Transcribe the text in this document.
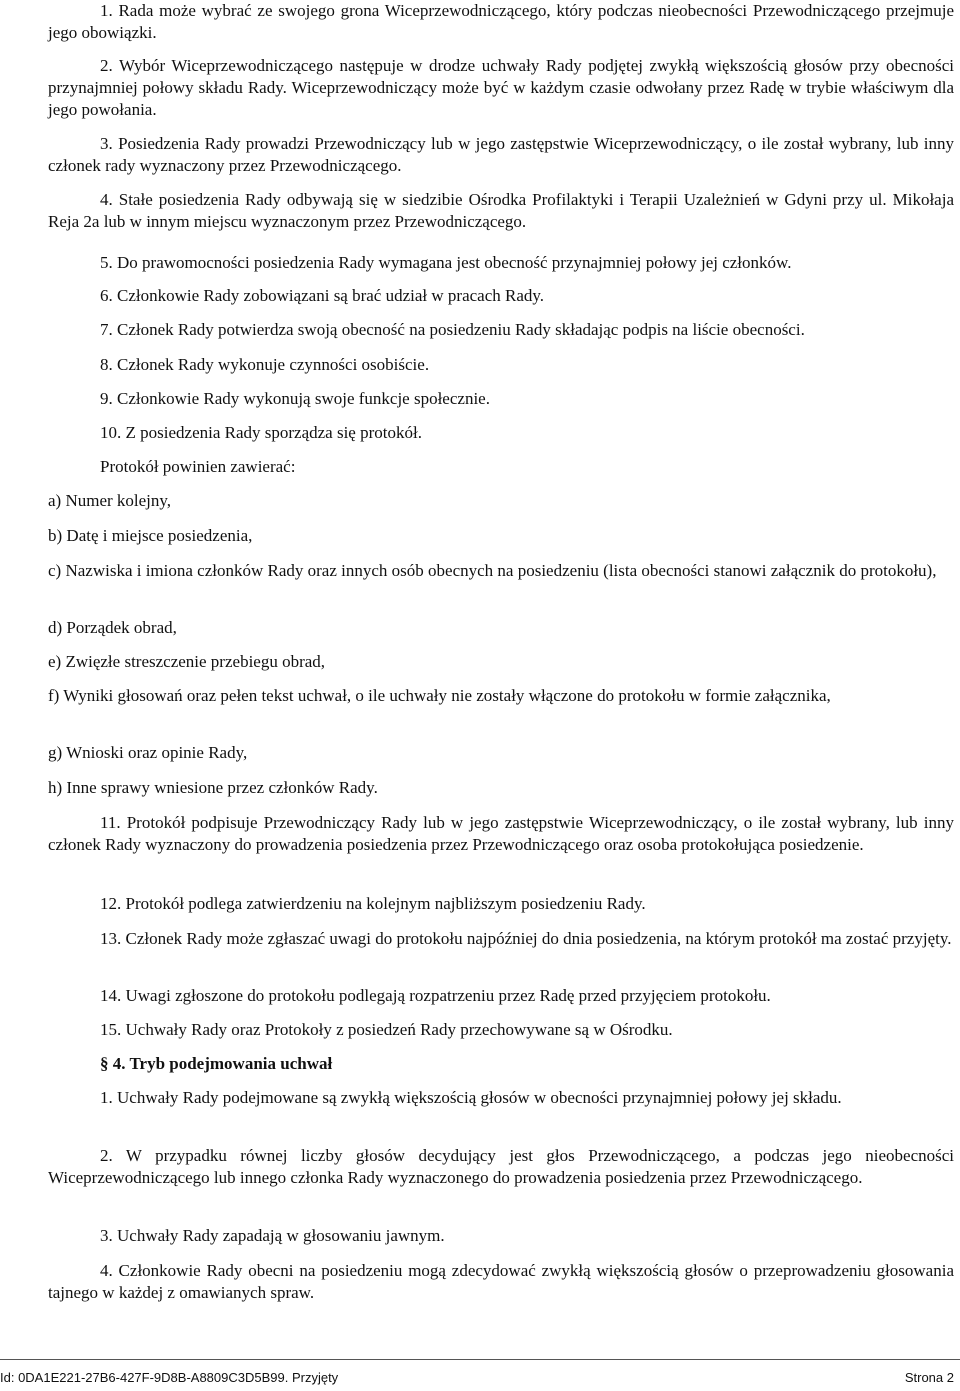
1. Rada może wybrać ze swojego grona Wiceprzewodniczącego, który podczas nieobecności Przewodniczącego przejmuje jego obowiązki.

2. Wybór Wiceprzewodniczącego następuje w drodze uchwały Rady podjętej zwykłą większością głosów przy obecności przynajmniej połowy składu Rady. Wiceprzewodniczący może być w każdym czasie odwołany przez Radę w trybie właściwym dla jego powołania.

3. Posiedzenia Rady prowadzi Przewodniczący lub w jego zastępstwie Wiceprzewodniczący, o ile został wybrany, lub inny członek rady wyznaczony przez Przewodniczącego.

4. Stałe posiedzenia Rady odbywają się w siedzibie Ośrodka Profilaktyki i Terapii Uzależnień w Gdyni przy ul. Mikołaja Reja 2a lub w innym miejscu wyznaczonym przez Przewodniczącego.

5. Do prawomocności posiedzenia Rady wymagana jest obecność przynajmniej połowy jej członków.

6. Członkowie Rady zobowiązani są brać udział w pracach Rady.

7. Członek Rady potwierdza swoją obecność na posiedzeniu Rady składając podpis na liście obecności.

8. Członek Rady wykonuje czynności osobiście.

9. Członkowie Rady wykonują swoje funkcje społecznie.

10. Z posiedzenia Rady sporządza się protokół.

Protokół powinien zawierać:

a) Numer kolejny,

b) Datę i miejsce posiedzenia,

c) Nazwiska i imiona członków Rady oraz innych osób obecnych na posiedzeniu (lista obecności stanowi załącznik do protokołu),

d) Porządek obrad,

e) Zwięzłe streszczenie przebiegu obrad,

f) Wyniki głosowań oraz pełen tekst uchwał, o ile uchwały nie zostały włączone do protokołu w formie załącznika,

g) Wnioski oraz opinie Rady,

h) Inne sprawy wniesione przez członków Rady.

11. Protokół podpisuje Przewodniczący Rady lub w jego zastępstwie Wiceprzewodniczący, o ile został wybrany, lub inny członek Rady wyznaczony do prowadzenia posiedzenia przez Przewodniczącego oraz osoba protokołująca posiedzenie.

12. Protokół podlega zatwierdzeniu na kolejnym najbliższym posiedzeniu Rady.

13. Członek Rady może zgłaszać uwagi do protokołu najpóźniej do dnia posiedzenia, na którym protokół ma zostać przyjęty.

14. Uwagi zgłoszone do protokołu podlegają rozpatrzeniu przez Radę przed przyjęciem protokołu.

15. Uchwały Rady oraz Protokoły z posiedzeń Rady przechowywane są w Ośrodku.

§ 4. Tryb podejmowania uchwał

1. Uchwały Rady podejmowane są zwykłą większością głosów w obecności przynajmniej połowy jej składu.

2. W przypadku równej liczby głosów decydujący jest głos Przewodniczącego, a podczas jego nieobecności Wiceprzewodniczącego lub innego członka Rady wyznaczonego do prowadzenia posiedzenia przez Przewodniczącego.

3. Uchwały Rady zapadają w głosowaniu jawnym.

4. Członkowie Rady obecni na posiedzeniu mogą zdecydować zwykłą większością głosów o przeprowadzeniu głosowania tajnego w każdej z omawianych spraw.

Id: 0DA1E221-27B6-427F-9D8B-A8809C3D5B99. Przyjęty	Strona 2
